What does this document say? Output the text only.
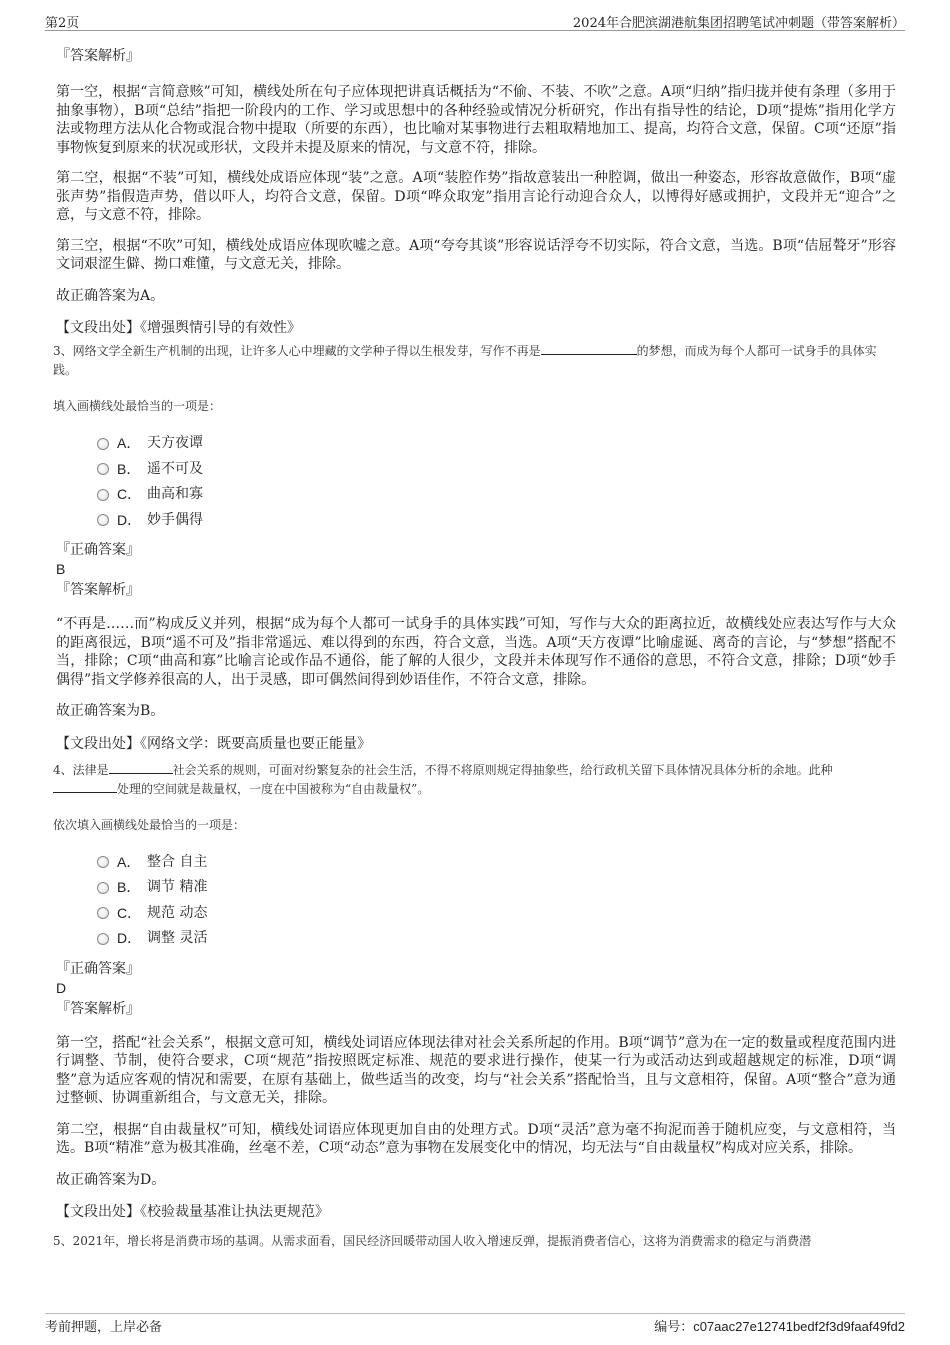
第2页	2024年合肥滨湖港航集团招聘笔试冲刺题（带答案解析）

『答案解析』

第一空，根据“言简意赅”可知，横线处所在句子应体现把讲真话概括为“不偷、不装、不吹”之意。A项“归纳”指归拢并使有条理（多用于抽象事物），B项“总结”指把一阶段内的工作、学习或思想中的各种经验或情况分析研究，作出有指导性的结论，D项“提炼”指用化学方法或物理方法从化合物或混合物中提取（所要的东西），也比喻对某事物进行去粗取精地加工、提高，均符合文意，保留。C项“还原”指事物恢复到原来的状况或形状，文段并未提及原来的情况，与文意不符，排除。

第二空，根据“不装”可知，横线处成语应体现“装”之意。A项“装腔作势”指故意装出一种腔调，做出一种姿态，形容故意做作，B项“虚张声势”指假造声势，借以吓人，均符合文意，保留。D项“哗众取宠”指用言论行动迎合众人，以博得好感或拥护，文段并无“迎合”之意，与文意不符，排除。

第三空，根据“不吹”可知，横线处成语应体现吹嘘之意。A项“夸夸其谈”形容说话浮夸不切实际，符合文意，当选。B项“佶屈聱牙”形容文词艰涩生僻、拗口难懂，与文意无关，排除。

故正确答案为A。

【文段出处】《增强舆情引导的有效性》

3、网络文学全新生产机制的出现，让许多人心中埋藏的文学种子得以生根发芽，写作不再是	的梦想，而成为每个人都可一试身手的具体实践。

填入画横线处最恰当的一项是：

A． 天方夜谭
B． 遥不可及
C． 曲高和寡
D． 妙手偶得

『正确答案』

B

『答案解析』

“不再是……而”构成反义并列，根据“成为每个人都可一试身手的具体实践”可知，写作与大众的距离拉近，故横线处应表达写作与大众的距离很远，B项“遥不可及”指非常遥远、难以得到的东西，符合文意，当选。A项“天方夜谭”比喻虚诞、离奇的言论，与“梦想”搭配不当，排除；C项“曲高和寡”比喻言论或作品不通俗，能了解的人很少，文段并未体现写作不通俗的意思，不符合文意，排除；D项“妙手偶得”指文学修养很高的人，出于灵感，即可偶然间得到妙语佳作，不符合文意，排除。

故正确答案为B。

【文段出处】《网络文学：既要高质量也要正能量》

4、法律是	社会关系的规则，可面对纷繁复杂的社会生活，不得不将原则规定得抽象些，给行政机关留下具体情况具体分析的余地。此种处理的空间就是裁量权，一度在中国被称为“自由裁量权”。

依次填入画横线处最恰当的一项是：

A． 整合 自主
B． 调节 精准
C． 规范 动态
D． 调整 灵活

『正确答案』

D

『答案解析』

第一空，搭配“社会关系”，根据文意可知，横线处词语应体现法律对社会关系所起的作用。B项“调节”意为在一定的数量或程度范围内进行调整、节制，使符合要求，C项“规范”指按照既定标准、规范的要求进行操作，使某一行为或活动达到或超越规定的标准，D项“调整”意为适应客观的情况和需要，在原有基础上，做些适当的改变，均与“社会关系”搭配恰当，且与文意相符，保留。A项“整合”意为通过整顿、协调重新组合，与文意无关，排除。

第二空，根据“自由裁量权”可知，横线处词语应体现更加自由的处理方式。D项“灵活”意为毫不拘泥而善于随机应变，与文意相符，当选。B项“精准”意为极其准确，丝毫不差，C项“动态”意为事物在发展变化中的情况，均无法与“自由裁量权”构成对应关系，排除。

故正确答案为D。

【文段出处】《校验裁量基准让执法更规范》

5、2021年，增长将是消费市场的基调。从需求面看，国民经济回暖带动国人收入增速反弹，提振消费者信心，这将为消费需求的稳定与消费潜

考前押题，上岸必备	编号：c07aac27e12741bedf2f3d9faaf49fd2
